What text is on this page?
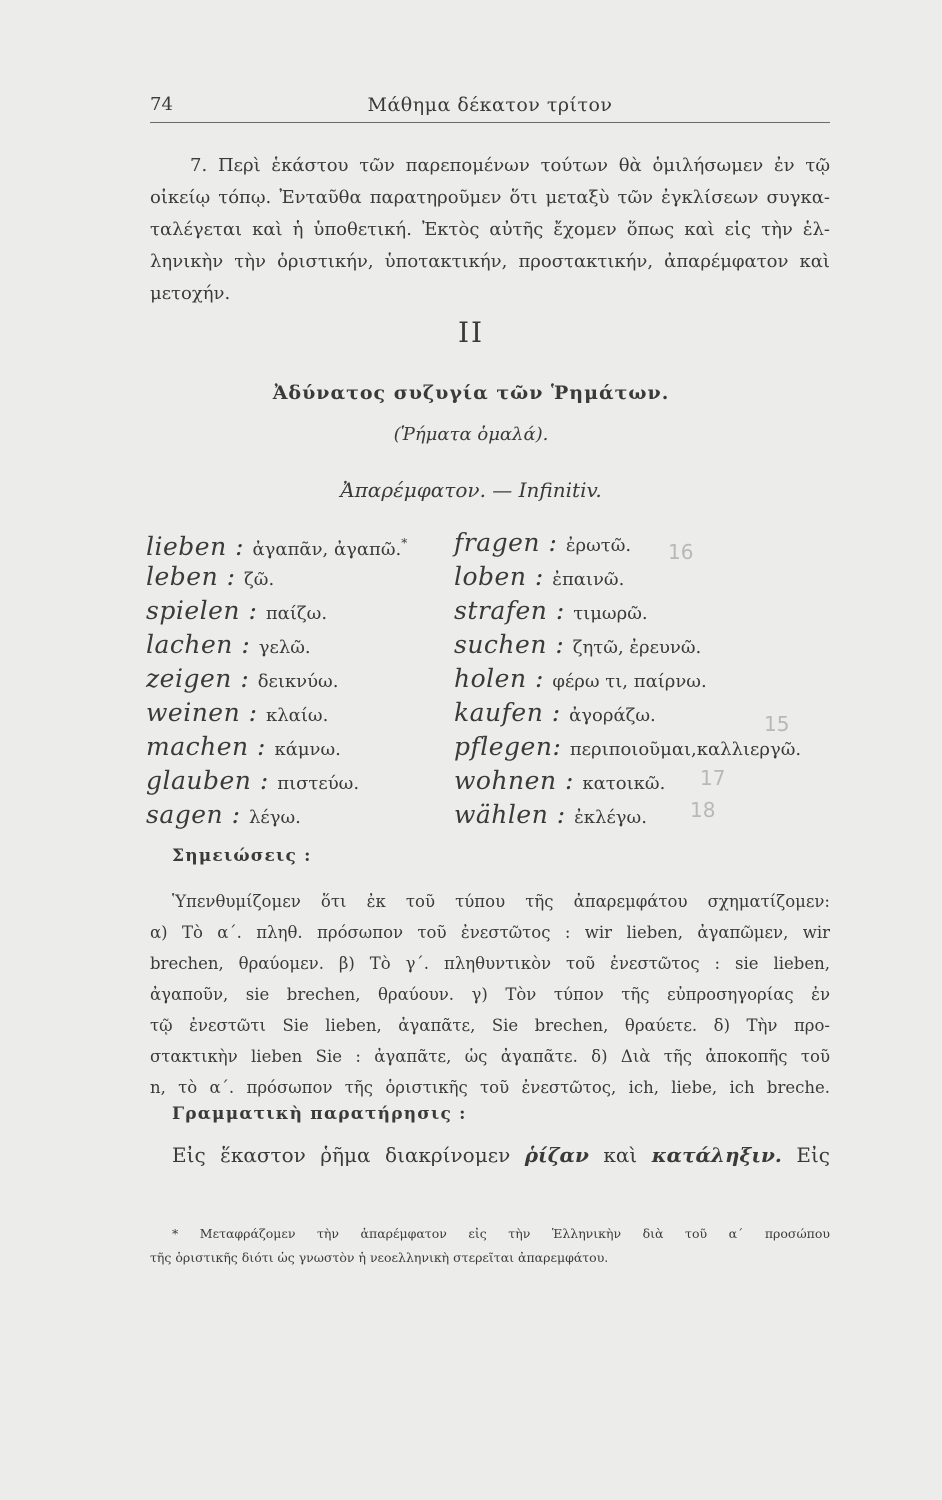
74	Μάθημα δέκατον τρίτον
7. Περὶ ἑκάστου τῶν παρεπομένων τούτων θὰ ὁμιλήσωμεν ἐν τῷ
οἰκείῳ τόπῳ. Ἐνταῦθα παρατηροῦμεν ὅτι μεταξὺ τῶν ἐγκλίσεων συγκα-
ταλέγεται καὶ ἡ ὑποθετική. Ἐκτὸς αὐτῆς ἔχομεν ὅπως καὶ εἰς τὴν ἑλ-
ληνικὴν τὴν ὁριστικήν, ὑποτακτικήν, προστακτικήν, ἀπαρέμφατον καὶ
μετοχήν.
II
Ἀδύνατος συζυγία τῶν Ῥημάτων.
(Ῥήματα ὁμαλά).
Ἀπαρέμφατον. — Infinitiv.
lieben : ἀγαπᾶν, ἀγαπῶ.*
leben : ζῶ.
spielen : παίζω.
lachen : γελῶ.
zeigen : δεικνύω.
weinen : κλαίω.
machen : κάμνω.
glauben : πιστεύω.
sagen : λέγω.
fragen : ἐρωτῶ.
loben : ἐπαινῶ.
strafen : τιμωρῶ.
suchen : ζητῶ, ἐρευνῶ.
holen : φέρω τι, παίρνω.
kaufen : ἀγοράζω.
pflegen: περιποιοῦμαι,καλλιεργῶ.
wohnen : κατοικῶ.
wählen : ἐκλέγω.
16
15
17
18
Σημειώσεις :
Ὑπενθυμίζομεν ὅτι ἐκ τοῦ τύπου τῆς ἀπαρεμφάτου σχηματίζομεν:
α) Τὸ α΄. πληθ. πρόσωπον τοῦ ἐνεστῶτος : wir lieben, ἀγαπῶμεν, wir
brechen, θραύομεν. β) Τὸ γ΄. πληθυντικὸν τοῦ ἐνεστῶτος : sie lieben,
ἀγαποῦν, sie brechen, θραύουν. γ) Τὸν τύπον τῆς εὐπροσηγορίας ἐν
τῷ ἐνεστῶτι Sie lieben, ἀγαπᾶτε, Sie brechen, θραύετε. δ) Τὴν προ-
στακτικὴν lieben Sie : ἀγαπᾶτε, ὡς ἀγαπᾶτε. δ) Διὰ τῆς ἀποκοπῆς τοῦ
n, τὸ α΄. πρόσωπον τῆς ὁριστικῆς τοῦ ἐνεστῶτος, ich, liebe, ich breche.
Γραμματικὴ παρατήρησις :
Εἰς ἕκαστον ῥῆμα διακρίνομεν ῥίζαν καὶ κατάληξιν. Εἰς
* Μεταφράζομεν τὴν ἀπαρέμφατον εἰς τὴν Ἑλληνικὴν διὰ τοῦ α΄ προσώπου
τῆς ὁριστικῆς διότι ὡς γνωστὸν ἡ νεοελληνικὴ στερεῖται ἀπαρεμφάτου.
